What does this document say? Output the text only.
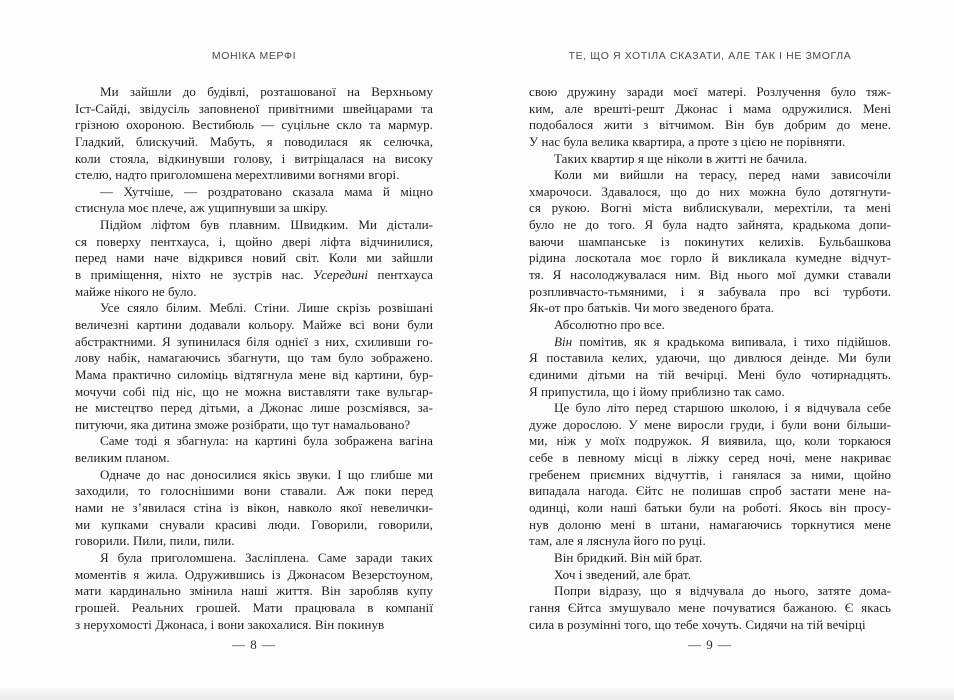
МОНІКА МЕРФІ
Ми зайшли до будівлі, розташованої на Верхньому
Іст-Сайді, звідусіль заповненої привітними швейцарами та
грізною охороною. Вестибюль — суцільне скло та мармур.
Гладкий, блискучий. Мабуть, я поводилася як селючка,
коли стояла, відкинувши голову, і витріщалася на високу
стелю, надто приголомшена мерехтливими вогнями вгорі.
— Хутчіше, — роздратовано сказала мама й міцно
стиснула моє плече, аж ущипнувши за шкіру.
Підйом ліфтом був плавним. Швидким. Ми дістали-
ся поверху пентхауса, і, щойно двері ліфта відчинилися,
перед нами наче відкрився новий світ. Коли ми зайшли
в приміщення, ніхто не зустрів нас. Усередині пентхауса
майже нікого не було.
Усе сяяло білим. Меблі. Стіни. Лише скрізь розвішані
величезні картини додавали кольору. Майже всі вони були
абстрактними. Я зупинилася біля однієї з них, схиливши го-
лову набік, намагаючись збагнути, що там було зображено.
Мама практично силоміць відтягнула мене від картини, бур-
мочучи собі під ніс, що не можна виставляти таке вульгар-
не мистецтво перед дітьми, а Джонас лише розсміявся, за-
питуючи, яка дитина зможе розібрати, що тут намальовано?
Саме тоді я збагнула: на картині була зображена вагіна
великим планом.
Одначе до нас доносилися якісь звуки. І що глибше ми
заходили, то голоснішими вони ставали. Аж поки перед
нами не з’явилася стіна із вікон, навколо якої невелички-
ми купками снували красиві люди. Говорили, говорили,
говорили. Пили, пили, пили.
Я була приголомшена. Засліплена. Саме заради таких
моментів я жила. Одружившись із Джонасом Везерстоуном,
мати кардинально змінила наші життя. Він заробляв купу
грошей. Реальних грошей. Мати працювала в компанії
з нерухомості Джонаса, і вони закохалися. Він покинув
— 8 —
ТЕ, ЩО Я ХОТІЛА СКАЗАТИ, АЛЕ ТАК І НЕ ЗМОГЛА
свою дружину заради моєї матері. Розлучення було тяж-
ким, але врешті-решт Джонас і мама одружилися. Мені
подобалося жити з вітчимом. Він був добрим до мене.
У нас була велика квартира, а проте з цією не порівняти.
Таких квартир я ще ніколи в житті не бачила.
Коли ми вийшли на терасу, перед нами зависочіли
хмарочоси. Здавалося, що до них можна було дотягнути-
ся рукою. Вогні міста виблискували, мерехтіли, та мені
було не до того. Я була надто зайнята, крадькома допи-
ваючи шампанське із покинутих келихів. Бульбашкова
рідина лоскотала моє горло й викликала кумедне відчут-
тя. Я насолоджувалася ним. Від нього мої думки ставали
розпливчасто-тьмяними, і я забувала про всі турботи.
Як-от про батьків. Чи мого зведеного брата.
Абсолютно про все.
Він помітив, як я крадькома випивала, і тихо підійшов.
Я поставила келих, удаючи, що дивлюся деінде. Ми були
єдиними дітьми на тій вечірці. Мені було чотирнадцять.
Я припустила, що і йому приблизно так само.
Це було літо перед старшою школою, і я відчувала себе
дуже дорослою. У мене виросли груди, і були вони більши-
ми, ніж у моїх подружок. Я виявила, що, коли торкаюся
себе в певному місці в ліжку серед ночі, мене накриває
гребенем приємних відчуттів, і ганялася за ними, щойно
випадала нагода. Єйтс не полишав спроб застати мене на-
одинці, коли наші батьки були на роботі. Якось він просу-
нув долоню мені в штани, намагаючись торкнутися мене
там, але я ляснула його по руці.
Він бридкий. Він мій брат.
Хоч і зведений, але брат.
Попри відразу, що я відчувала до нього, затяте дома-
гання Єйтса змушувало мене почуватися бажаною. Є якась
сила в розумінні того, що тебе хочуть. Сидячи на тій вечірці
— 9 —
